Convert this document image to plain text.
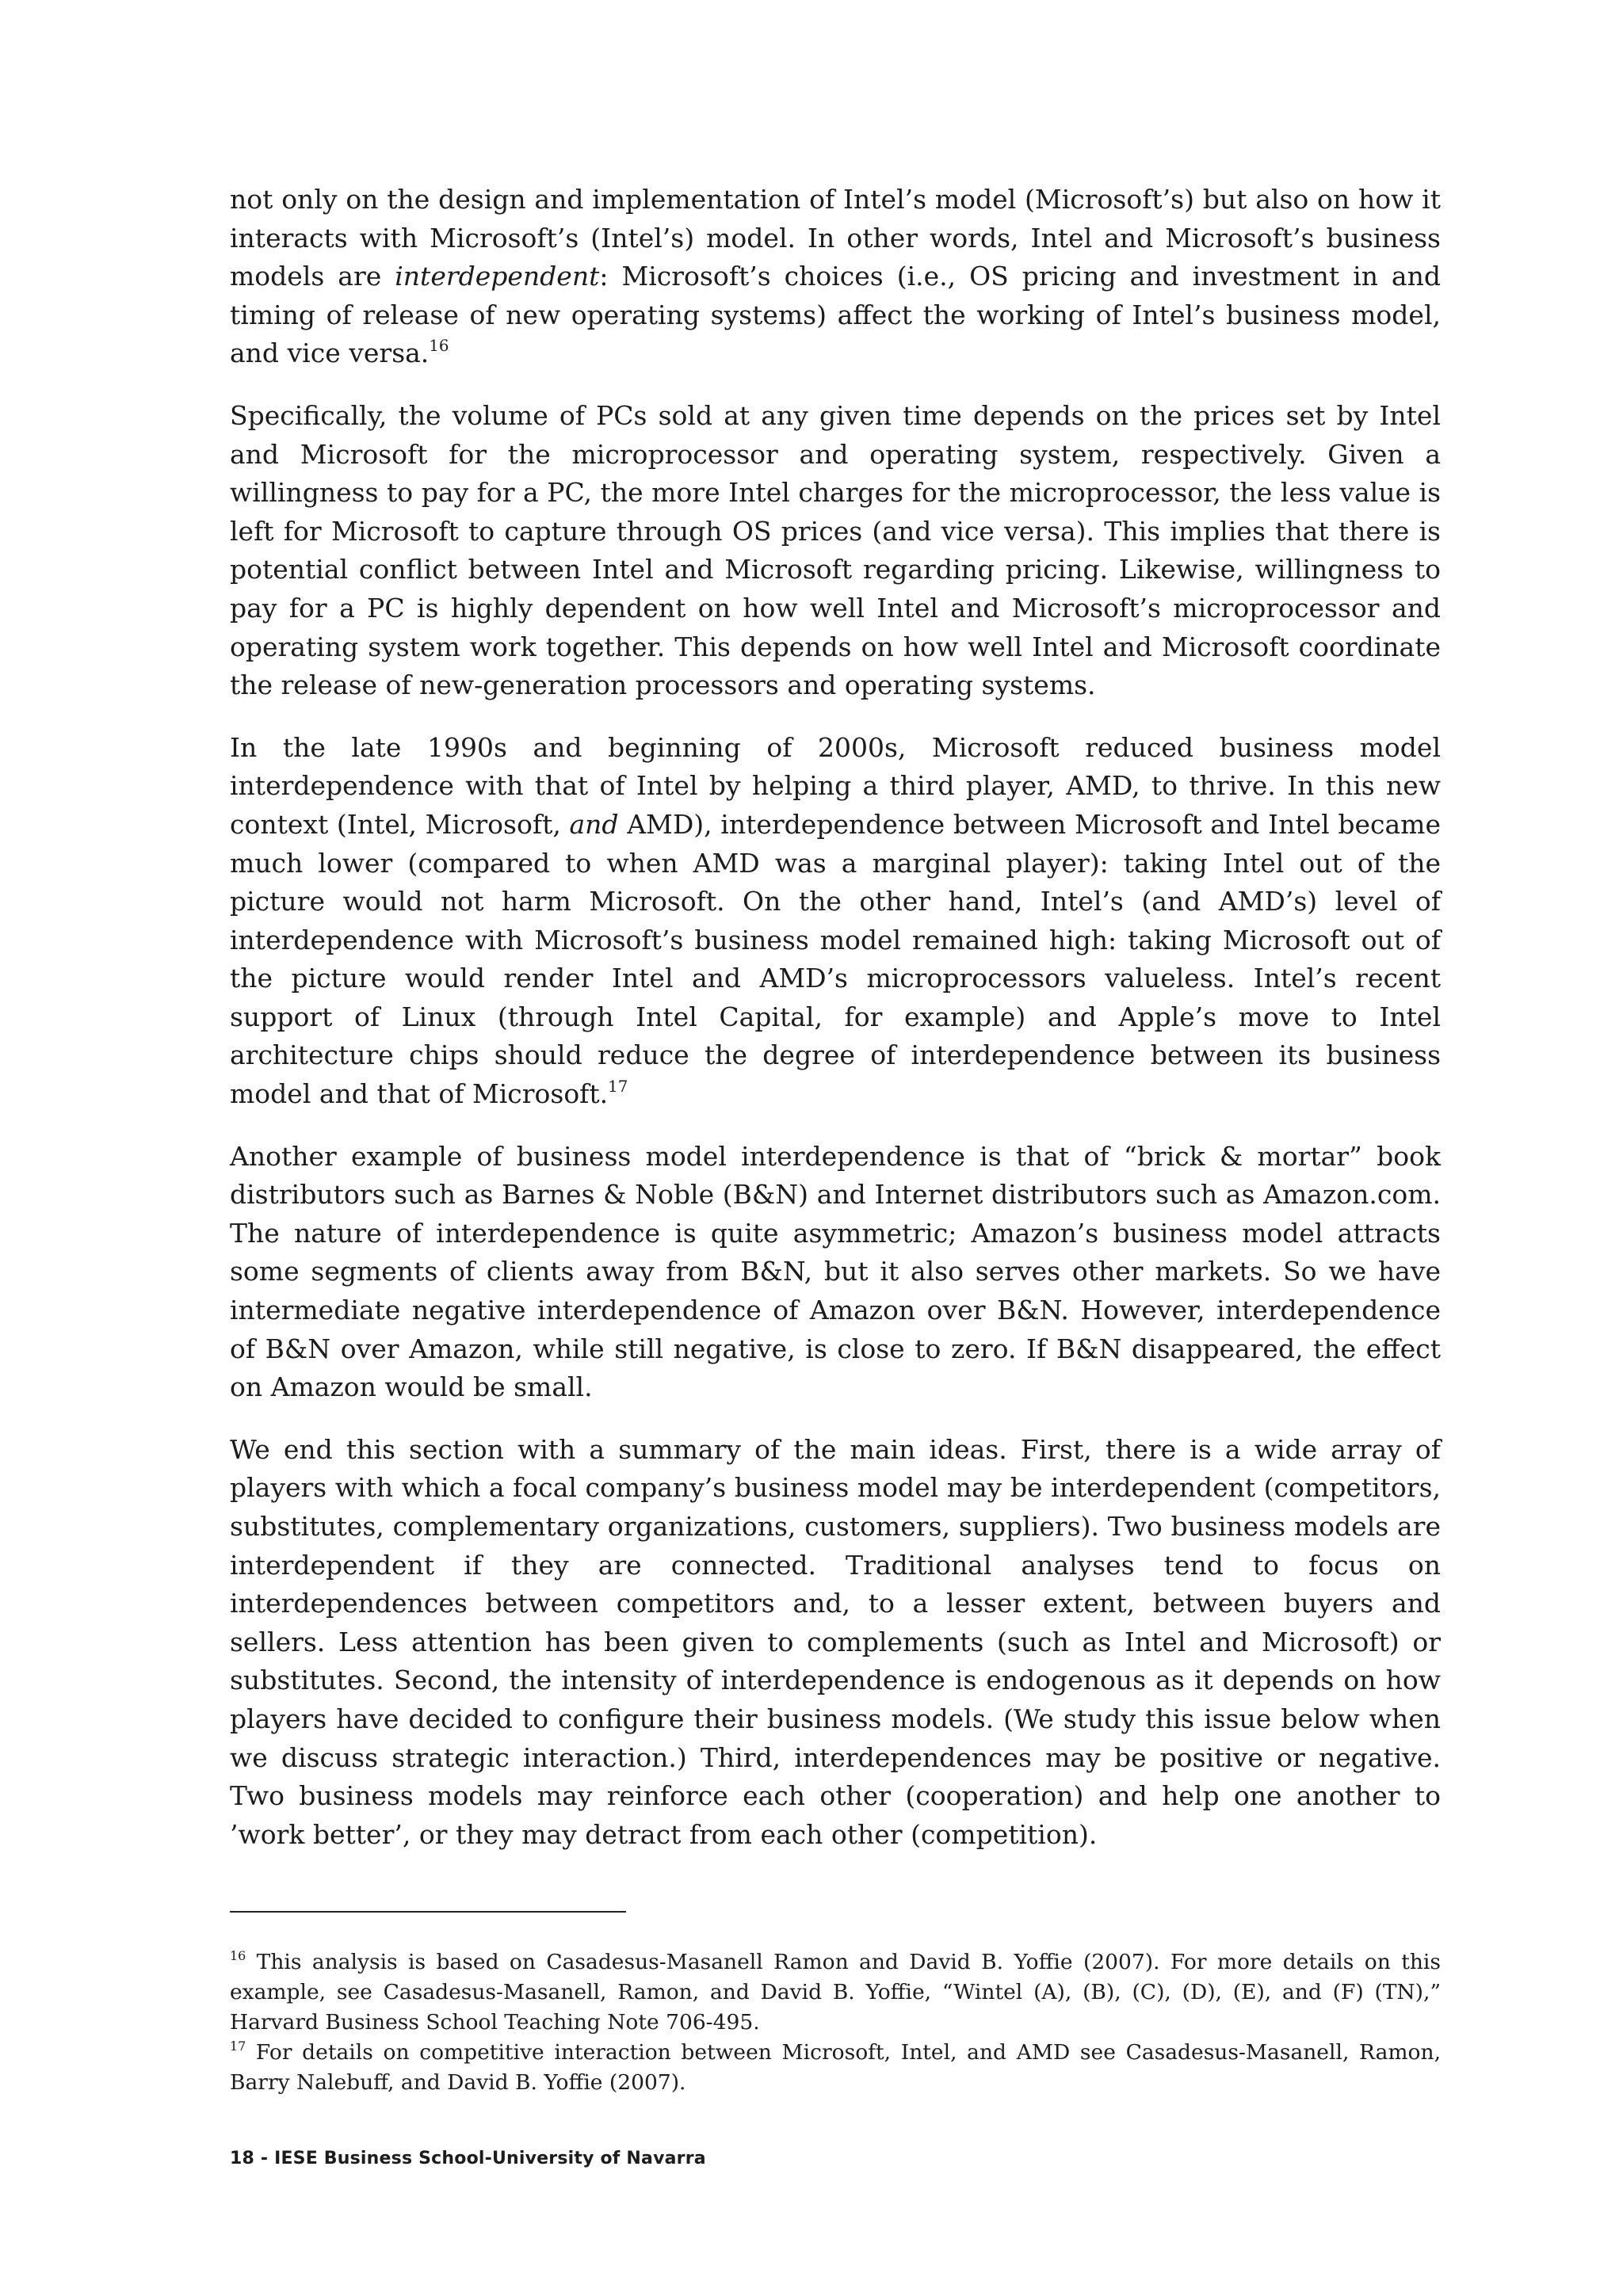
not only on the design and implementation of Intel’s model (Microsoft’s) but also on how it interacts with Microsoft’s (Intel’s) model. In other words, Intel and Microsoft’s business models are interdependent: Microsoft’s choices (i.e., OS pricing and investment in and timing of release of new operating systems) affect the working of Intel’s business model, and vice versa.$^{16}$

Specifically, the volume of PCs sold at any given time depends on the prices set by Intel and Microsoft for the microprocessor and operating system, respectively. Given a willingness to pay for a PC, the more Intel charges for the microprocessor, the less value is left for Microsoft to capture through OS prices (and vice versa). This implies that there is potential conflict between Intel and Microsoft regarding pricing. Likewise, willingness to pay for a PC is highly dependent on how well Intel and Microsoft’s microprocessor and operating system work together. This depends on how well Intel and Microsoft coordinate the release of new-generation processors and operating systems.

In the late 1990s and beginning of 2000s, Microsoft reduced business model interdependence with that of Intel by helping a third player, AMD, to thrive. In this new context (Intel, Microsoft, and AMD), interdependence between Microsoft and Intel became much lower (compared to when AMD was a marginal player): taking Intel out of the picture would not harm Microsoft. On the other hand, Intel’s (and AMD’s) level of interdependence with Microsoft’s business model remained high: taking Microsoft out of the picture would render Intel and AMD’s microprocessors valueless. Intel’s recent support of Linux (through Intel Capital, for example) and Apple’s move to Intel architecture chips should reduce the degree of interdependence between its business model and that of Microsoft.$^{17}$

Another example of business model interdependence is that of “brick & mortar” book distributors such as Barnes & Noble (B&N) and Internet distributors such as Amazon.com. The nature of interdependence is quite asymmetric; Amazon’s business model attracts some segments of clients away from B&N, but it also serves other markets. So we have intermediate negative interdependence of Amazon over B&N. However, interdependence of B&N over Amazon, while still negative, is close to zero. If B&N disappeared, the effect on Amazon would be small.

We end this section with a summary of the main ideas. First, there is a wide array of players with which a focal company’s business model may be interdependent (competitors, substitutes, complementary organizations, customers, suppliers). Two business models are interdependent if they are connected. Traditional analyses tend to focus on interdependences between competitors and, to a lesser extent, between buyers and sellers. Less attention has been given to complements (such as Intel and Microsoft) or substitutes. Second, the intensity of interdependence is endogenous as it depends on how players have decided to configure their business models. (We study this issue below when we discuss strategic interaction.) Third, interdependences may be positive or negative. Two business models may reinforce each other (cooperation) and help one another to ’work better’, or they may detract from each other (competition).

$^{16}$ This analysis is based on Casadesus-Masanell Ramon and David B. Yoffie (2007). For more details on this example, see Casadesus-Masanell, Ramon, and David B. Yoffie, “Wintel (A), (B), (C), (D), (E), and (F) (TN),” Harvard Business School Teaching Note 706-495.

$^{17}$ For details on competitive interaction between Microsoft, Intel, and AMD see Casadesus-Masanell, Ramon, Barry Nalebuff, and David B. Yoffie (2007).

18 - IESE Business School-University of Navarra
